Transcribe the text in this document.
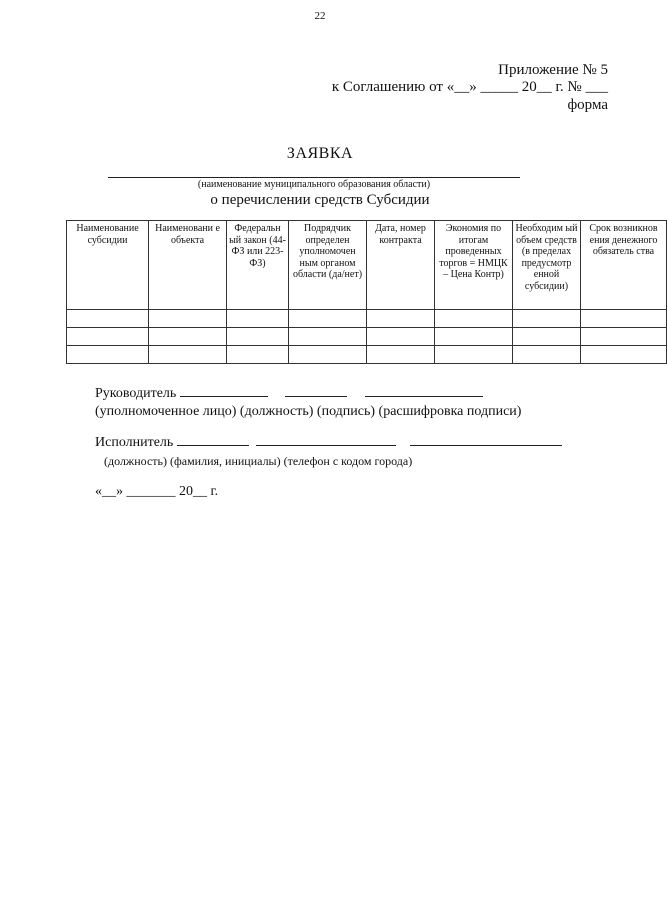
22
Приложение № 5
к Соглашению от «__» _____ 20__ г. № ___
форма
ЗАЯВКА
(наименование муниципального образования области)
о перечислении средств Субсидии
Наименование субсидии	Наименовани е объекта	Федеральн ый закон (44-ФЗ или 223-ФЗ)	Подрядчик определен уполномочен ным органом области (да/нет)	Дата, номер контракта	Экономия по итогам проведенных торгов = НМЦК – Цена Контр)	Необходим ый объем средств (в пределах предусмотр енной субсидии)	Срок возникнов ения денежного обязатель ства

Руководитель
(уполномоченное лицо) (должность) (подпись) (расшифровка подписи)
Исполнитель
(должность) (фамилия, инициалы) (телефон с кодом города)
«__» _______ 20__ г.
